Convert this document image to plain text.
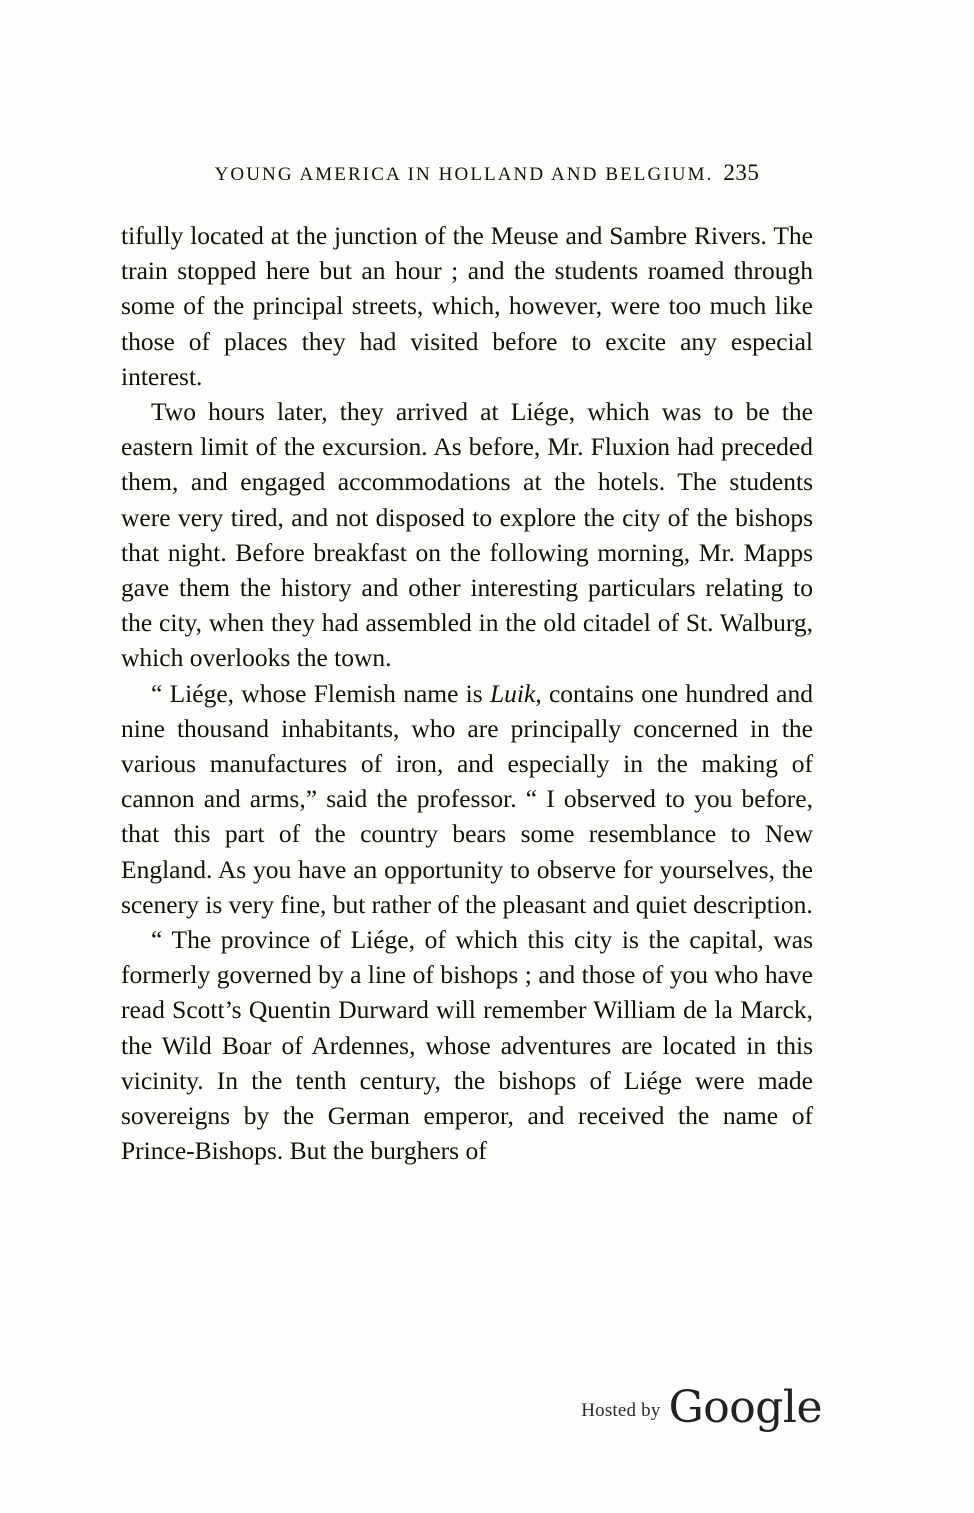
YOUNG AMERICA IN HOLLAND AND BELGIUM. 235

tifully located at the junction of the Meuse and Sambre Rivers. The train stopped here but an hour ; and the students roamed through some of the principal streets, which, however, were too much like those of places they had visited before to excite any especial interest.

Two hours later, they arrived at Liége, which was to be the eastern limit of the excursion. As before, Mr. Fluxion had preceded them, and engaged accommodations at the hotels. The students were very tired, and not disposed to explore the city of the bishops that night. Before breakfast on the following morning, Mr. Mapps gave them the history and other interesting particulars relating to the city, when they had assembled in the old citadel of St. Walburg, which overlooks the town.

“ Liége, whose Flemish name is Luik, contains one hundred and nine thousand inhabitants, who are principally concerned in the various manufactures of iron, and especially in the making of cannon and arms,” said the professor. “ I observed to you before, that this part of the country bears some resemblance to New England. As you have an opportunity to observe for yourselves, the scenery is very fine, but rather of the pleasant and quiet description.

“ The province of Liége, of which this city is the capital, was formerly governed by a line of bishops ; and those of you who have read Scott’s Quentin Durward will remember William de la Marck, the Wild Boar of Ardennes, whose adventures are located in this vicinity. In the tenth century, the bishops of Liége were made sovereigns by the German emperor, and received the name of Prince-Bishops. But the burghers of

Hosted by Google
